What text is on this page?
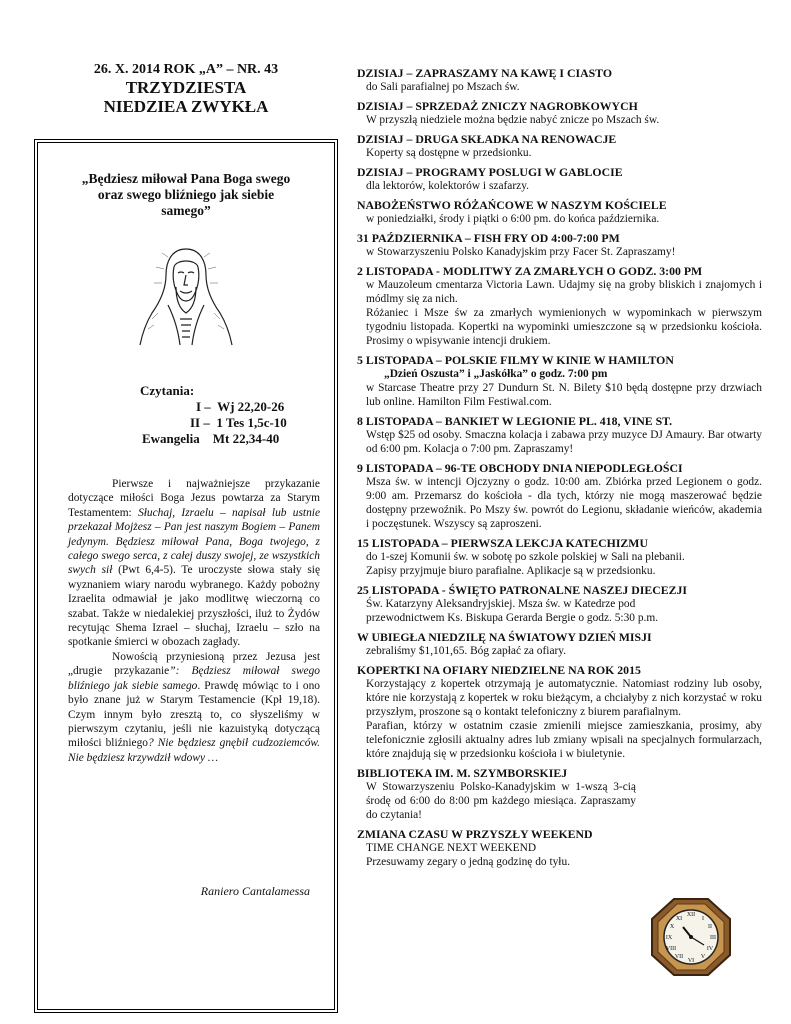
26. X. 2014 ROK „A” – NR. 43
TRZYDZIESTA
NIEDZIEA ZWYKŁA
„Będziesz miłował Pana Boga swego
oraz swego bliźniego jak siebie
samego”
Czytania:
I –  Wj 22,20-26
II –  1 Tes 1,5c-10
Ewangelia    Mt 22,34-40

Pierwsze i najważniejsze przykazanie dotyczące miłości Boga Jezus powtarza za Starym Testamentem: Słuchaj, Izraelu – napisał lub ustnie przekazał Mojżesz – Pan jest naszym Bogiem – Panem jedynym. Będziesz miłował Pana, Boga twojego, z całego swego serca, z całej duszy swojej, ze wszystkich swych sił (Pwt 6,4-5). Te uroczyste słowa stały się wyznaniem wiary narodu wybranego. Każdy pobożny Izraelita odmawiał je jako modlitwę wieczorną co szabat. Także w niedalekiej przyszłości, iluż to Żydów recytując Shema Izrael – słuchaj, Izraelu – szło na spotkanie śmierci w obozach zagłady.

Nowością przyniesioną przez Jezusa jest „drugie przykazanie”: Będziesz miłował swego bliźniego jak siebie samego. Prawdę mówiąc to i ono było znane już w Starym Testamencie (Kpł 19,18). Czym innym było zresztą to, co słyszeliśmy w pierwszym czytaniu, jeśli nie kazuistyką dotyczącą miłości bliźniego? Nie będziesz gnębił cudzoziemców. Nie będziesz krzywdził wdowy …

Raniero Cantalamessa
DZISIAJ – ZAPRASZAMY NA KAWĘ I CIASTO
do Sali parafialnej po Mszach św.
DZISIAJ – SPRZEDAŻ ZNICZY NAGROBKOWYCH
W przyszłą niedziele można będzie nabyć znicze po Mszach św.
DZISIAJ – DRUGA SKŁADKA NA RENOWACJE
Koperty są dostępne w przedsionku.
DZISIAJ – PROGRAMY POSLUGI W GABLOCIE
dla lektorów, kolektorów i szafarzy.
NABOŻEŃSTWO RÓŻAŃCOWE W NASZYM KOŚCIELE
w poniedziałki, środy i piątki o 6:00 pm. do końca października.
31 PAŹDZIERNIKA – FISH FRY OD 4:00-7:00 PM
w Stowarzyszeniu Polsko Kanadyjskim przy Facer St. Zapraszamy!
2 LISTOPADA - MODLITWY ZA ZMARŁYCH O GODZ. 3:00 PM
w Mauzoleum cmentarza Victoria Lawn. Udajmy się na groby bliskich i znajomych i módlmy się za nich.
Różaniec i Msze św za zmarłych wymienionych w wypominkach w pierwszym tygodniu listopada. Kopertki na wypominki umieszczone są w przedsionku kościoła. Prosimy o wpisywanie intencji drukiem.
5 LISTOPADA – POLSKIE FILMY W KINIE W HAMILTON
„Dzień Oszusta” i „Jaskółka” o godz. 7:00 pm
w Starcase Theatre przy 27 Dundurn St. N. Bilety $10 będą dostępne przy drzwiach lub online. Hamilton Film Festiwal.com.
8 LISTOPADA – BANKIET W LEGIONIE PL. 418, VINE ST.
Wstęp $25 od osoby. Smaczna kolacja i zabawa przy muzyce DJ Amaury. Bar otwarty od 6:00 pm. Kolacja o 7:00 pm. Zapraszamy!
9 LISTOPADA – 96-TE OBCHODY DNIA NIEPODLEGŁOŚCI
Msza św. w intencji Ojczyzny o godz. 10:00 am. Zbiórka przed Legionem o godz. 9:00 am. Przemarsz do kościoła - dla tych, którzy nie mogą maszerować będzie dostępny przewoźnik. Po Mszy św. powrót do Legionu, składanie wieńców, akademia i poczęstunek. Wszyscy są zaproszeni.
15 LISTOPADA – PIERWSZA LEKCJA KATECHIZMU
do 1-szej Komunii św. w sobotę po szkole polskiej w Sali na plebanii.
Zapisy przyjmuje biuro parafialne. Aplikacje są w przedsionku.
25 LISTOPADA - ŚWIĘTO PATRONALNE NASZEJ DIECEZJI
Św. Katarzyny Aleksandryjskiej. Msza św. w Katedrze pod
przewodnictwem Ks. Biskupa Gerarda Bergie o godz. 5:30 p.m.
W UBIEGŁA NIEDZILĘ NA ŚWIATOWY DZIEŃ MISJI
zebraliśmy $1,101,65. Bóg zapłać za ofiary.
KOPERTKI NA OFIARY NIEDZIELNE NA ROK 2015
Korzystający z kopertek otrzymają je automatycznie. Natomiast rodziny lub osoby, które nie korzystają z kopertek w roku bieżącym, a chciałyby z nich korzystać w roku przyszłym, proszone są o kontakt telefoniczny z biurem parafialnym.
Parafian, którzy w ostatnim czasie zmienili miejsce zamieszkania, prosimy, aby telefonicznie zgłosili aktualny adres lub zmiany wpisali na specjalnych formularzach, które znajdują się w przedsionku kościoła i w biuletynie.
BIBLIOTEKA IM. M. SZYMBORSKIEJ
W Stowarzyszeniu Polsko-Kanadyjskim w 1-wszą 3-cią środę od 6:00 do 8:00 pm każdego miesiąca. Zapraszamy do czytania!
ZMIANA CZASU W PRZYSZŁY WEEKEND
TIME CHANGE NEXT WEEKEND
Przesuwamy zegary o jedną godzinę do tyłu.
XII
I
II
III
IV
V
VI
VII
VIII
IX
X
XI
